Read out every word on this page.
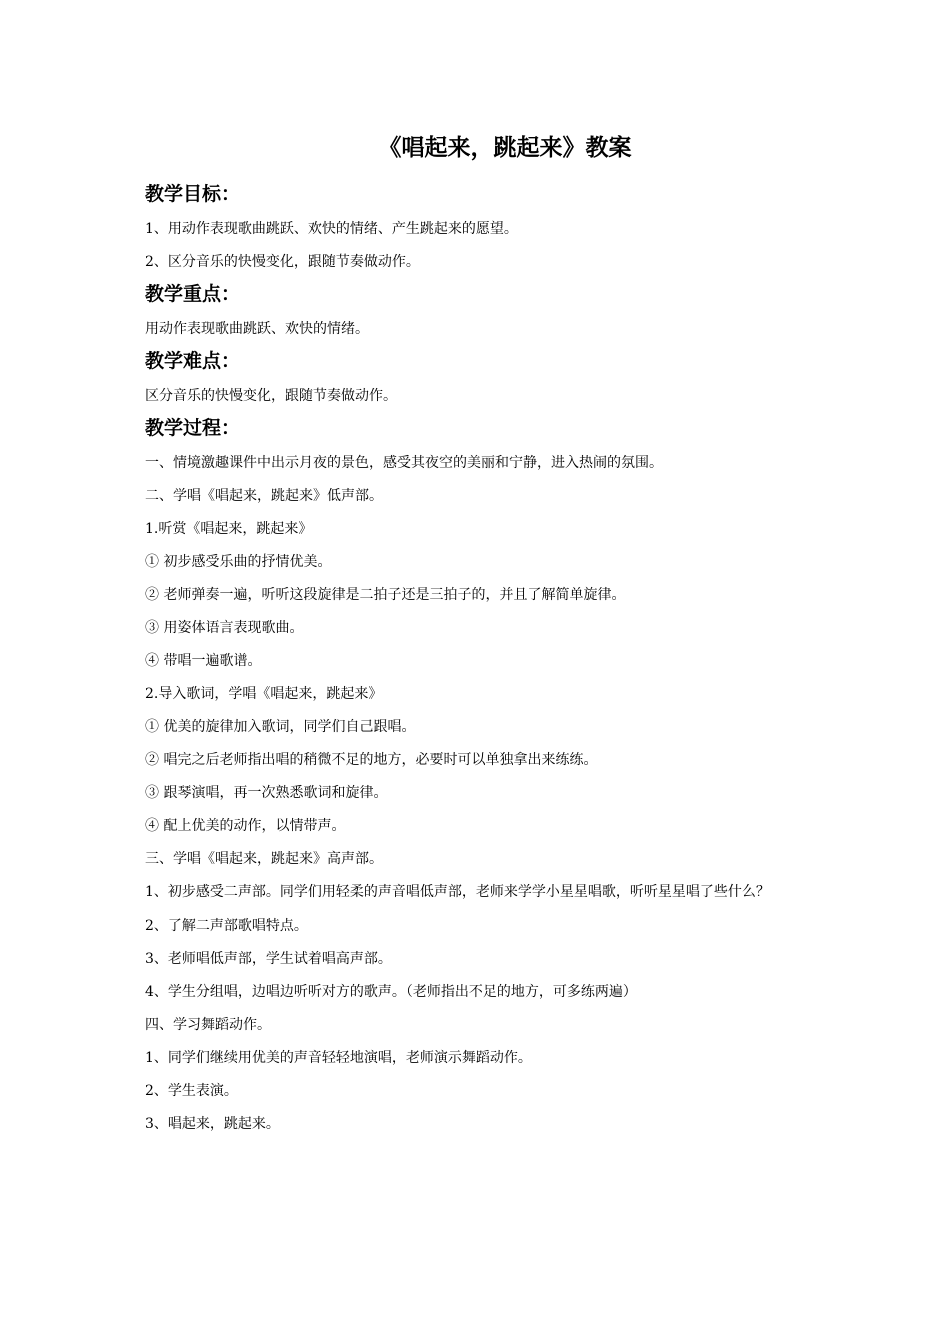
《唱起来，跳起来》教案
教学目标：

1、用动作表现歌曲跳跃、欢快的情绪、产生跳起来的愿望。

2、区分音乐的快慢变化，跟随节奏做动作。

教学重点：

用动作表现歌曲跳跃、欢快的情绪。

教学难点：

区分音乐的快慢变化，跟随节奏做动作。

教学过程：

一、情境激趣课件中出示月夜的景色，感受其夜空的美丽和宁静，进入热闹的氛围。

二、学唱《唱起来，跳起来》低声部。

1.听赏《唱起来，跳起来》

① 初步感受乐曲的抒情优美。

② 老师弹奏一遍，听听这段旋律是二拍子还是三拍子的，并且了解简单旋律。

③ 用姿体语言表现歌曲。

④ 带唱一遍歌谱。

2.导入歌词，学唱《唱起来，跳起来》

① 优美的旋律加入歌词，同学们自己跟唱。

② 唱完之后老师指出唱的稍微不足的地方，必要时可以单独拿出来练练。

③ 跟琴演唱，再一次熟悉歌词和旋律。

④ 配上优美的动作，以情带声。

三、学唱《唱起来，跳起来》高声部。

1、初步感受二声部。同学们用轻柔的声音唱低声部，老师来学学小星星唱歌，听听星星唱了些什么？

2、了解二声部歌唱特点。

3、老师唱低声部，学生试着唱高声部。

4、学生分组唱，边唱边听听对方的歌声。（老师指出不足的地方，可多练两遍）

四、学习舞蹈动作。

1、同学们继续用优美的声音轻轻地演唱，老师演示舞蹈动作。

2、学生表演。

3、唱起来，跳起来。
